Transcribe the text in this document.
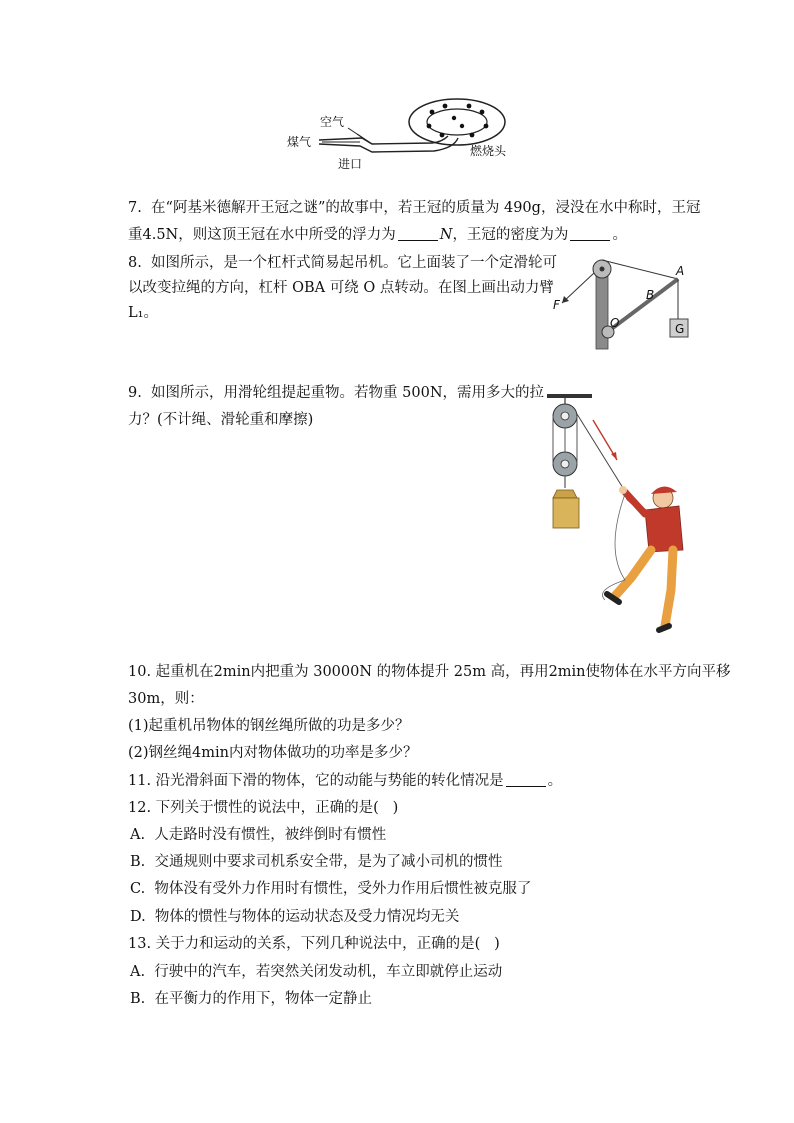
空气
煤气
进口
燃烧头
7.  在“阿基米德解开王冠之谜”的故事中，若王冠的质量为 490g，浸没在水中称时，王冠
重4.5N，则这顶王冠在水中所受的浮力为	N，王冠的密度为为	。
8.  如图所示，是一个杠杆式简易起吊机。它上面装了一个定滑轮可
以改变拉绳的方向，杠杆 OBA 可绕 O 点转动。在图上画出动力臂
L₁。	F
A
B
O	G
9.  如图所示，用滑轮组提起重物。若物重 500N，需用多大的拉
力？(不计绳、滑轮重和摩擦)
10. 起重机在2min内把重为 30000N 的物体提升 25m 高，再用2min使物体在水平方向平移
30m，则：
(1)起重机吊物体的钢丝绳所做的功是多少？
(2)钢丝绳4min内对物体做功的功率是多少？
11. 沿光滑斜面下滑的物体，它的动能与势能的转化情况是	。
12. 下列关于惯性的说法中，正确的是(   )
A.  人走路时没有惯性，被绊倒时有惯性
B.  交通规则中要求司机系安全带，是为了减小司机的惯性
C.  物体没有受外力作用时有惯性，受外力作用后惯性被克服了
D.  物体的惯性与物体的运动状态及受力情况均无关
13. 关于力和运动的关系，下列几种说法中，正确的是(   )
A.  行驶中的汽车，若突然关闭发动机，车立即就停止运动
B.  在平衡力的作用下，物体一定静止
